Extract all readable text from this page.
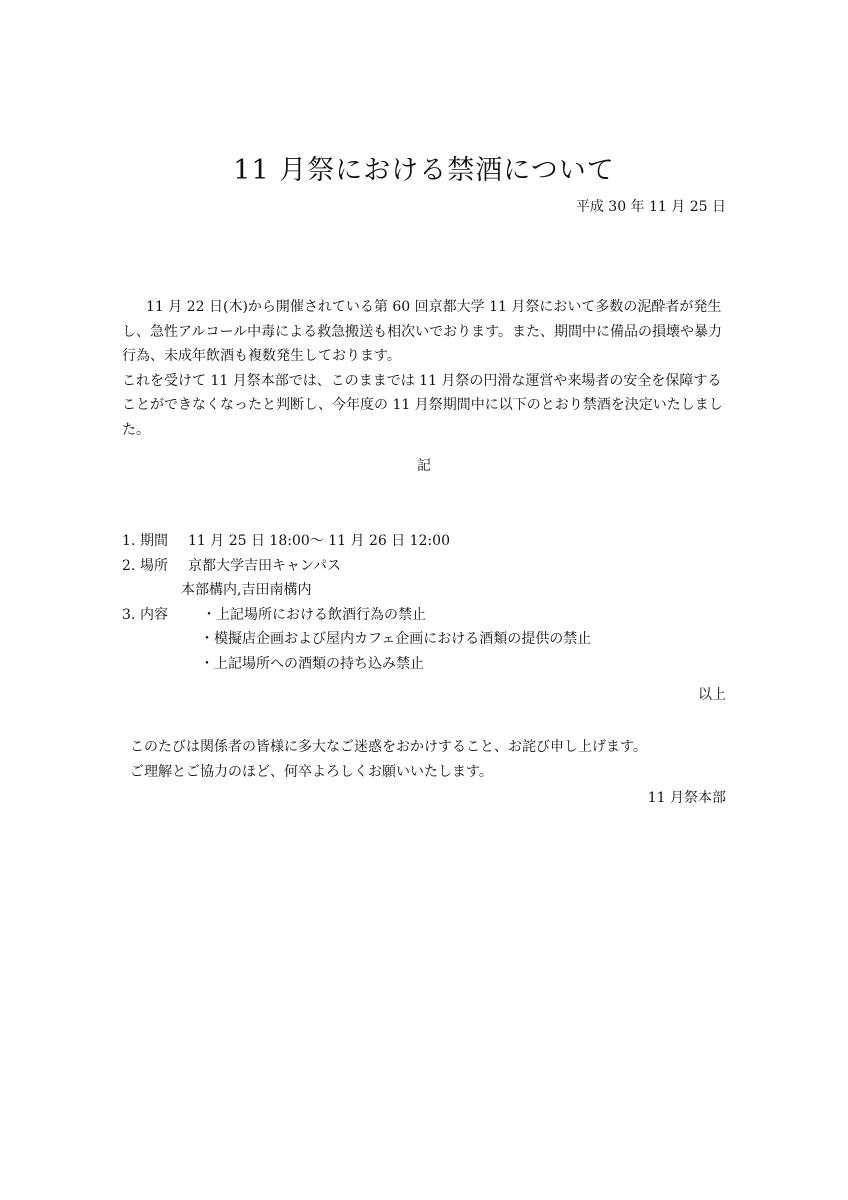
11 月祭における禁酒について

平成 30 年 11 月 25 日

11 月 22 日(木)から開催されている第 60 回京都大学 11 月祭において多数の泥酔者が発生し、急性アルコール中毒による救急搬送も相次いでおります。また、期間中に備品の損壊や暴力行為、未成年飲酒も複数発生しております。

これを受けて 11 月祭本部では、このままでは 11 月祭の円滑な運営や来場者の安全を保障することができなくなったと判断し、今年度の 11 月祭期間中に以下のとおり禁酒を決定いたしました。

記

1. 期間	11 月 25 日 18:00～ 11 月 26 日 12:00
2. 場所	京都大学吉田キャンパス
本部構内,吉田南構内
3. 内容	・上記場所における飲酒行為の禁止
・模擬店企画および屋内カフェ企画における酒類の提供の禁止
・上記場所への酒類の持ち込み禁止

以上

このたびは関係者の皆様に多大なご迷惑をおかけすること、お詫び申し上げます。

ご理解とご協力のほど、何卒よろしくお願いいたします。

11 月祭本部
